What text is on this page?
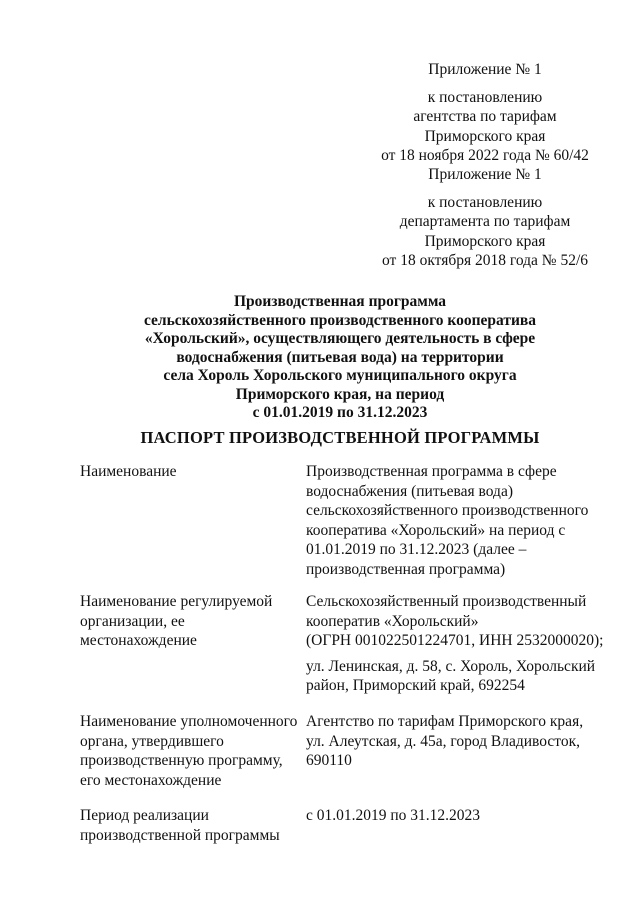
Приложение № 1
к постановлению
агентства по тарифам
Приморского края
от 18 ноября 2022 года № 60/42
Приложение № 1
к постановлению
департамента по тарифам
Приморского края
от 18 октября 2018 года № 52/6
Производственная программа
сельскохозяйственного производственного кооператива
«Хорольский», осуществляющего деятельность в сфере
водоснабжения (питьевая вода) на территории
села Хороль Хорольского муниципального округа
Приморского края, на период
с 01.01.2019 по 31.12.2023
ПАСПОРТ ПРОИЗВОДСТВЕННОЙ ПРОГРАММЫ
Наименование	Производственная программа в сфере
водоснабжения (питьевая вода)
сельскохозяйственного производственного
кооператива «Хорольский» на период с
01.01.2019 по 31.12.2023 (далее –
производственная программа)
Наименование регулируемой
организации, ее
местонахождение
Сельскохозяйственный производственный
кооператив «Хорольский»
(ОГРН 001022501224701, ИНН 2532000020);
ул. Ленинская, д. 58, с. Хороль, Хорольский
район, Приморский край, 692254
Наименование уполномоченного
органа, утвердившего
производственную программу,
его местонахождение
Агентство по тарифам Приморского края,
ул. Алеутская, д. 45а, город Владивосток,
690110
Период реализации
производственной программы
с 01.01.2019 по 31.12.2023
